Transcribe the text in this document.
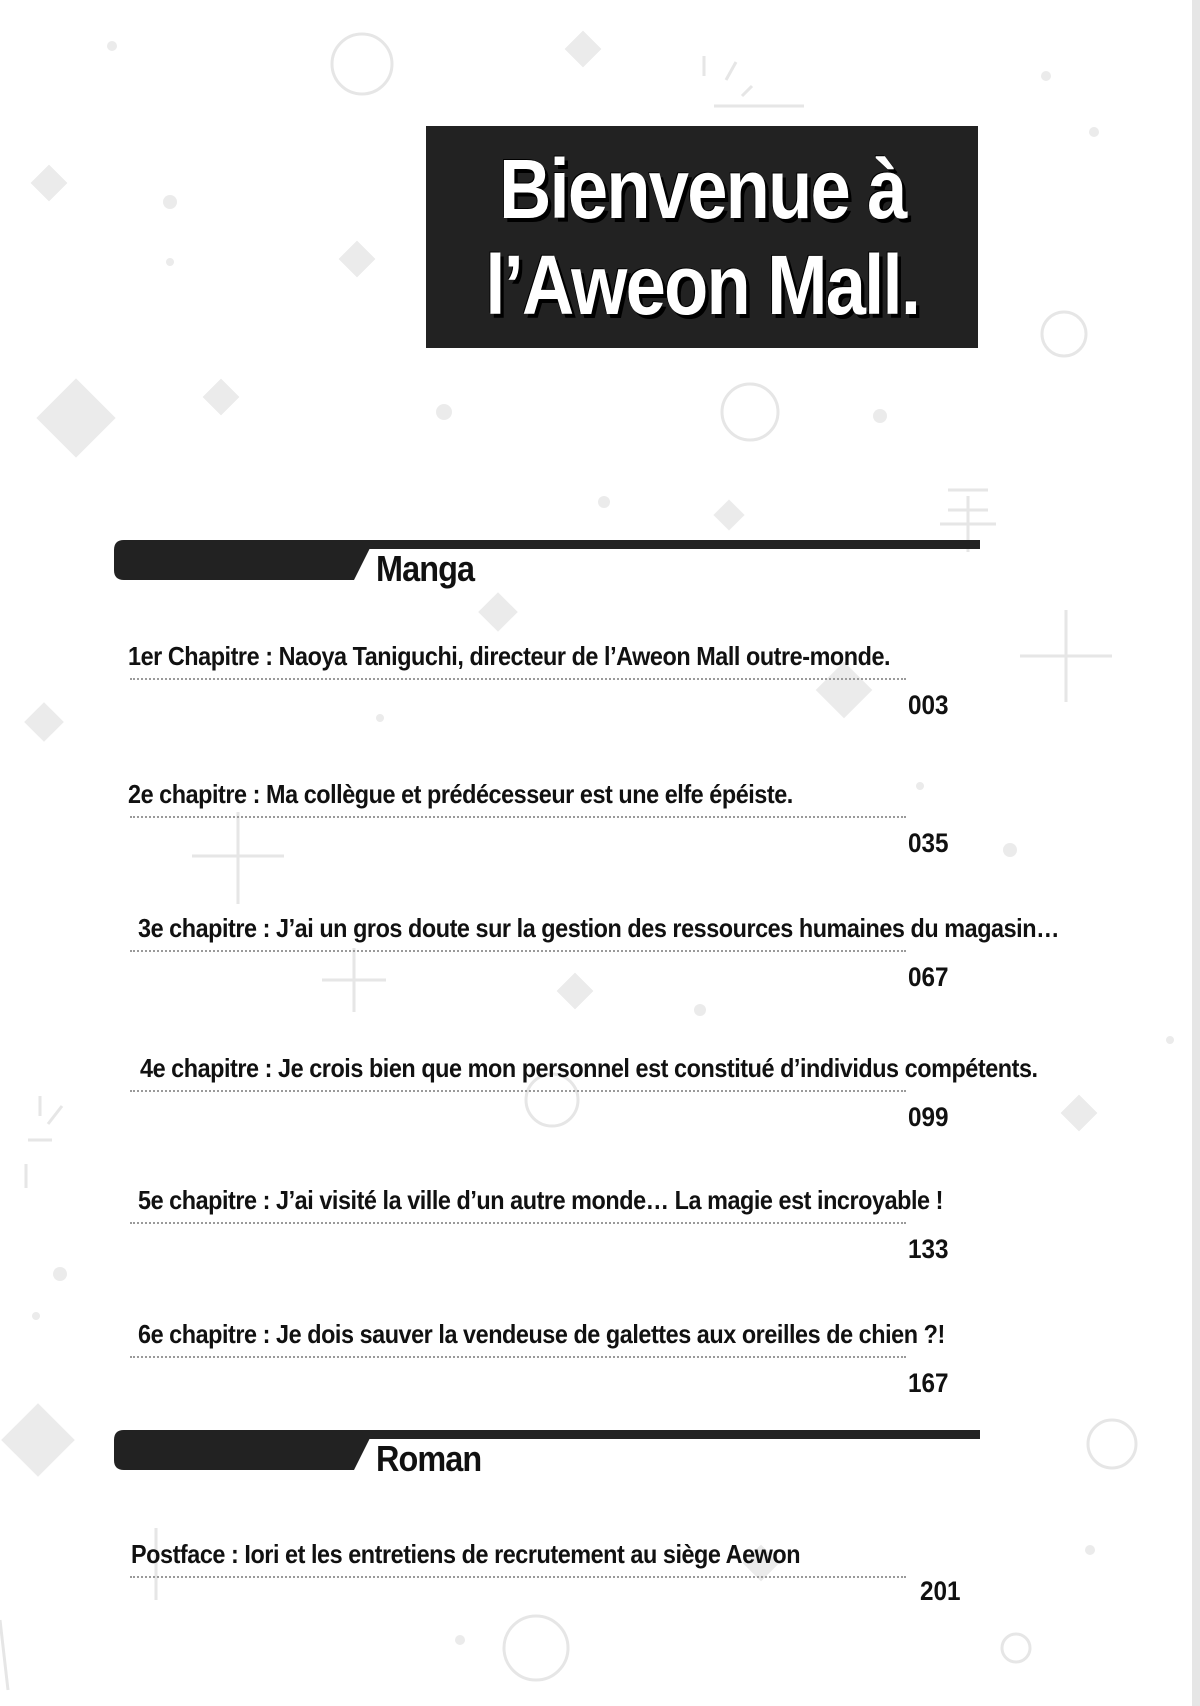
Bienvenue à
l’Aweon Mall.
Manga
1er Chapitre : Naoya Taniguchi, directeur de l’Aweon Mall outre-monde.
003
2e chapitre : Ma collègue et prédécesseur est une elfe épéiste.
035
3e chapitre : J’ai un gros doute sur la gestion des ressources humaines du magasin…
067
4e chapitre : Je crois bien que mon personnel est constitué d’individus compétents.
099
5e chapitre : J’ai visité la ville d’un autre monde… La magie est incroyable !
133
6e chapitre : Je dois sauver la vendeuse de galettes aux oreilles de chien ?!
167
Roman
Postface : Iori et les entretiens de recrutement au siège Aewon
201
